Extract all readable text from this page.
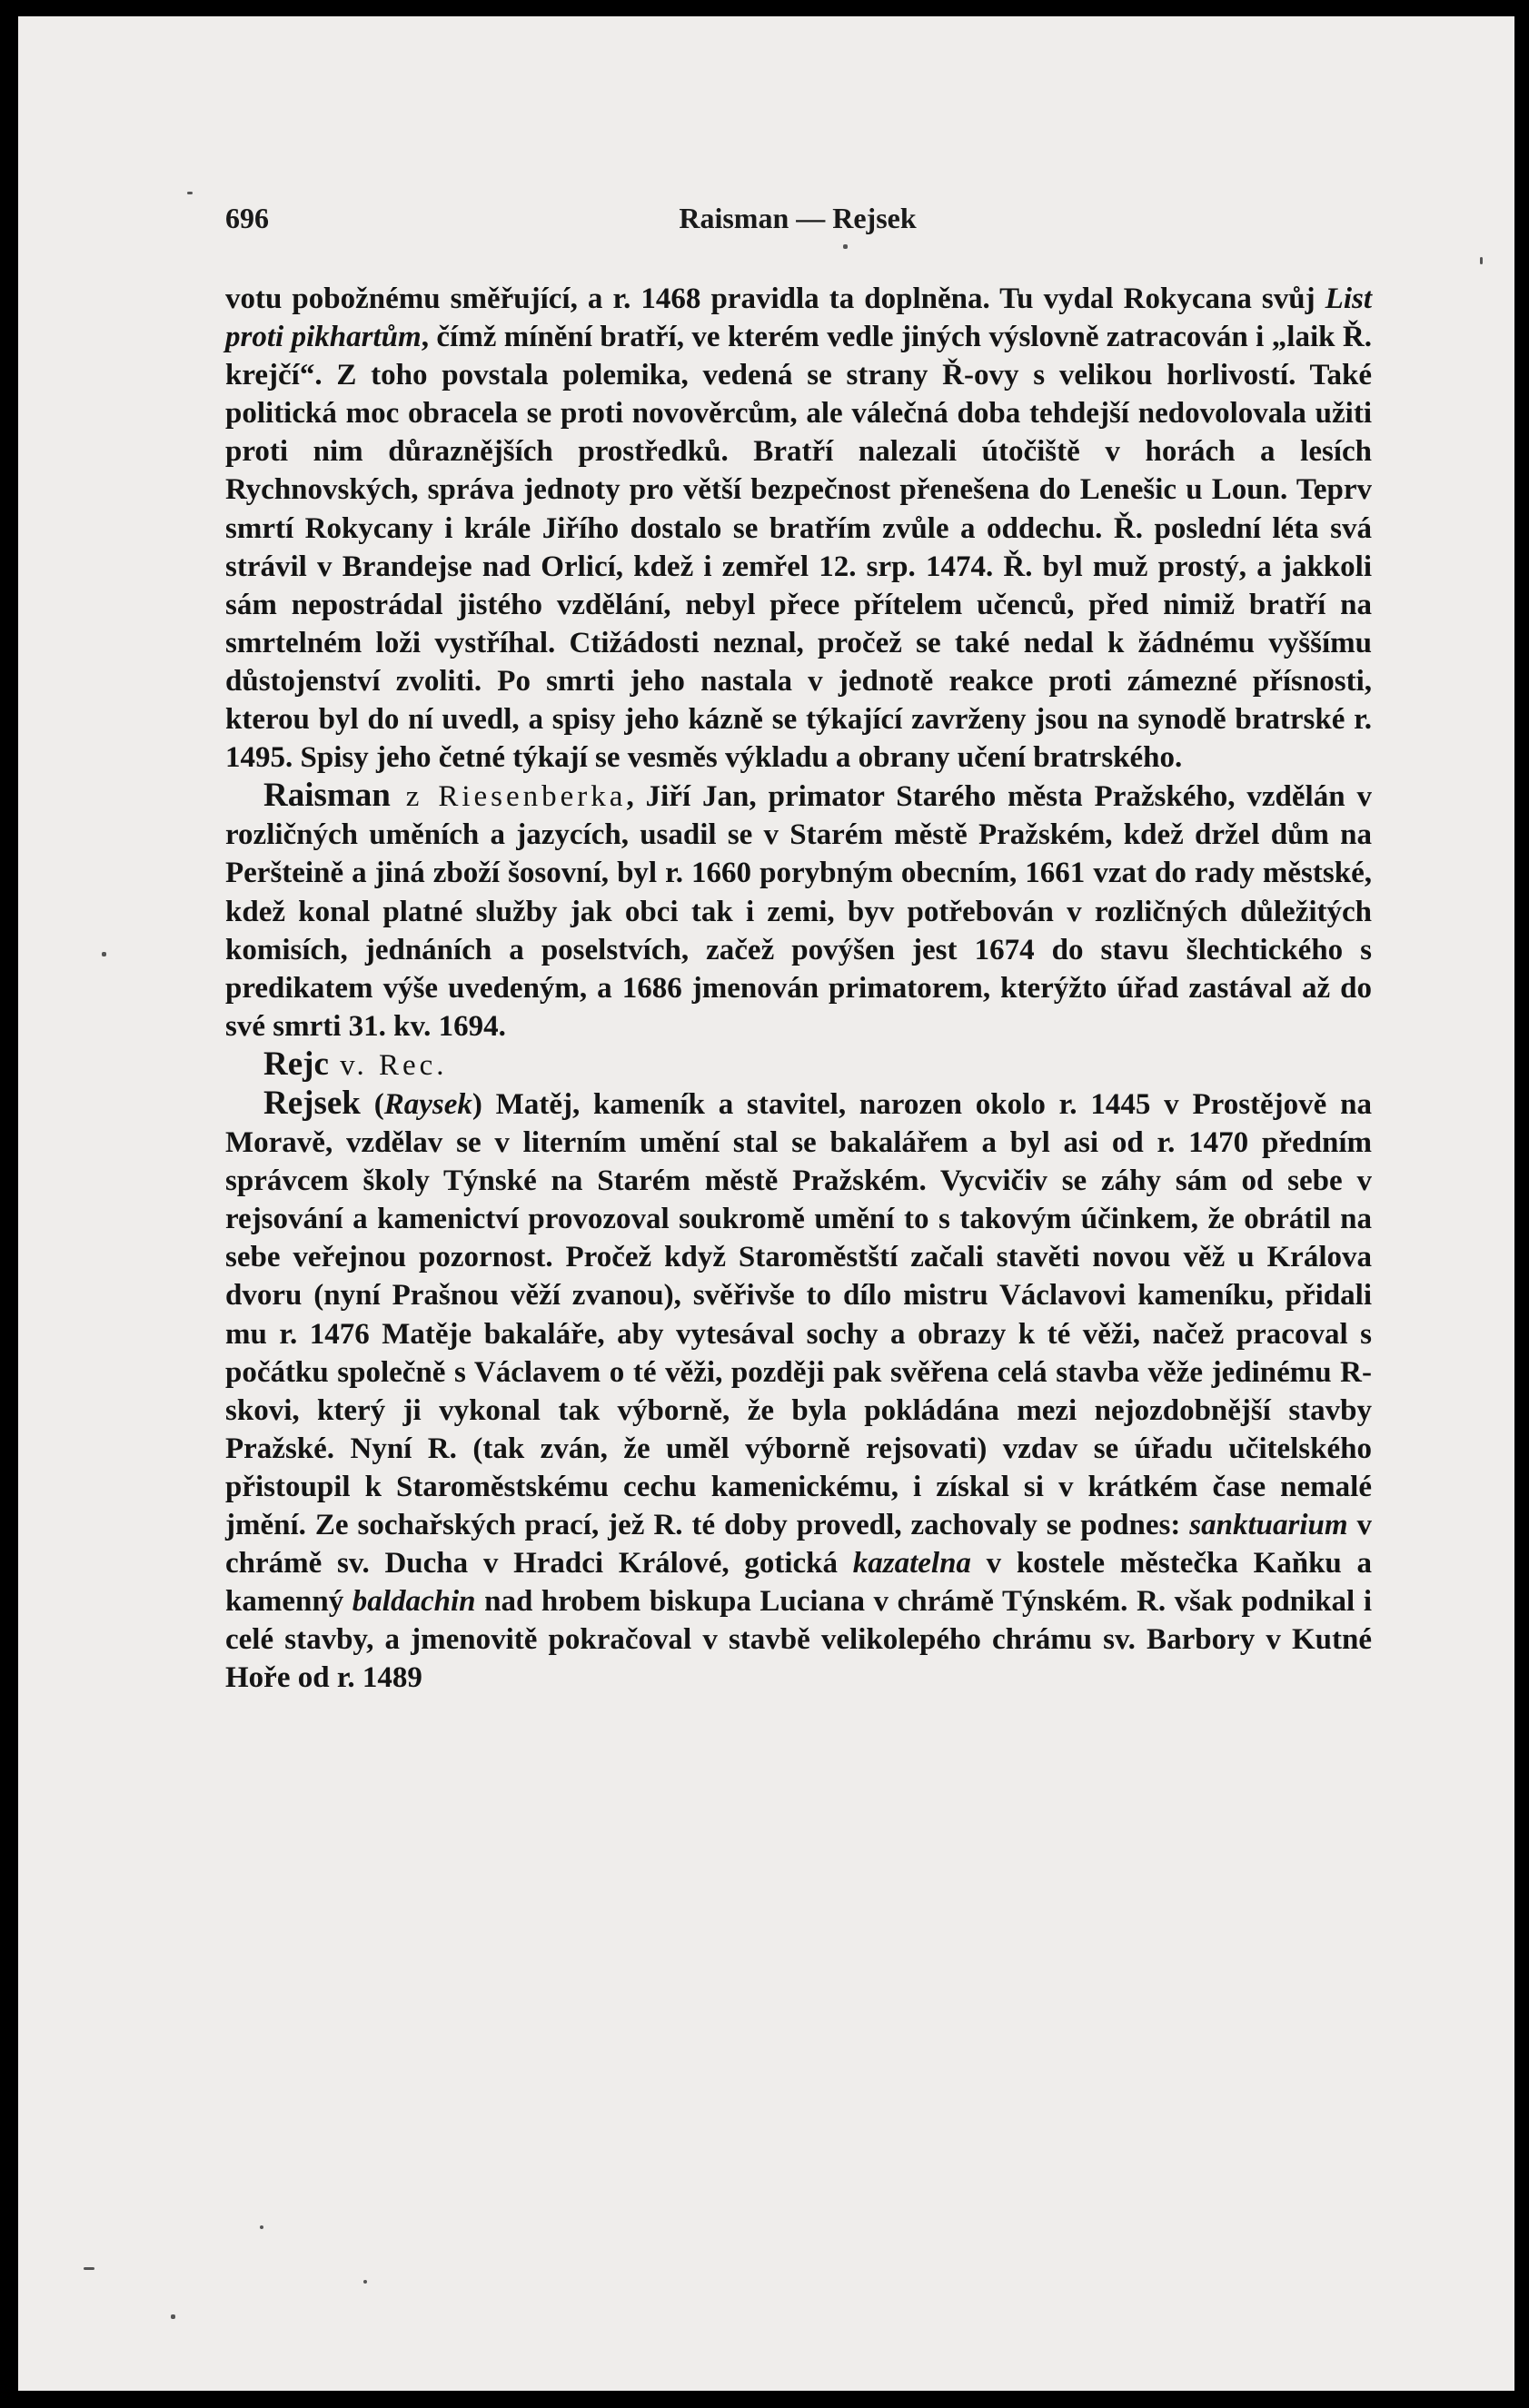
696	Raisman — Rejsek

votu pobožnému směřující, a r. 1468 pravidla ta doplněna. Tu vydal Rokycana svůj List proti pikhartům, čímž mínění bratří, ve kterém vedle jiných výslovně zatracován i „laik Ř. krejčí“. Z toho povstala polemika, vedená se strany Ř-ovy s velikou horlivostí. Také politická moc obracela se proti novověrcům, ale válečná doba tehdejší nedovolovala užiti proti nim důraznějších prostředků. Bratří nalezali útočiště v horách a lesích Rychnovských, správa jednoty pro větší bezpečnost přenešena do Lenešic u Loun. Teprv smrtí Rokycany i krále Jiřího dostalo se bratřím zvůle a oddechu. Ř. poslední léta svá strávil v Brandejse nad Orlicí, kdež i zemřel 12. srp. 1474. Ř. byl muž prostý, a jakkoli sám nepostrádal jistého vzdělání, nebyl přece přítelem učenců, před nimiž bratří na smrtelném loži vystříhal. Ctižádosti neznal, pročež se také nedal k žádnému vyššímu důstojenství zvoliti. Po smrti jeho nastala v jednotě reakce proti zámezné přísnosti, kterou byl do ní uvedl, a spisy jeho kázně se týkající zavrženy jsou na synodě bratrské r. 1495. Spisy jeho četné týkají se vesměs výkladu a obrany učení bratrského.

Raisman z Riesenberka, Jiří Jan, primator Starého města Pražského, vzdělán v rozličných uměních a jazycích, usadil se v Starém městě Pražském, kdež držel dům na Peršteině a jiná zboží šosovní, byl r. 1660 porybným obecním, 1661 vzat do rady městské, kdež konal platné služby jak obci tak i zemi, byv potřebován v rozličných důležitých komisích, jednáních a poselstvích, začež povýšen jest 1674 do stavu šlechtického s predikatem výše uvedeným, a 1686 jmenován primatorem, kterýžto úřad zastával až do své smrti 31. kv. 1694.

Rejc v. Rec.

Rejsek (Raysek) Matěj, kameník a stavitel, narozen okolo r. 1445 v Prostějově na Moravě, vzdělav se v literním umění stal se bakalářem a byl asi od r. 1470 předním správcem školy Týnské na Starém městě Pražském. Vycvičiv se záhy sám od sebe v rejsování a kamenictví provozoval soukromě umění to s takovým účinkem, že obrátil na sebe veřejnou pozornost. Pročež když Staroměstští začali stavěti novou věž u Králova dvoru (nyní Prašnou věží zvanou), svěřivše to dílo mistru Václavovi kameníku, přidali mu r. 1476 Matěje bakaláře, aby vytesával sochy a obrazy k té věži, načež pracoval s počátku společně s Václavem o té věži, později pak svěřena celá stavba věže jedinému R-skovi, který ji vykonal tak výborně, že byla pokládána mezi nejozdobnější stavby Pražské. Nyní R. (tak zván, že uměl výborně rejsovati) vzdav se úřadu učitelského přistoupil k Staroměstskému cechu kamenickému, i získal si v krátkém čase nemalé jmění. Ze sochařských prací, jež R. té doby provedl, zachovaly se podnes: sanktuarium v chrámě sv. Ducha v Hradci Králové, gotická kazatelna v kostele městečka Kaňku a kamenný baldachin nad hrobem biskupa Luciana v chrámě Týnském. R. však podnikal i celé stavby, a jmenovitě pokračoval v stavbě velikolepého chrámu sv. Barbory v Kutné Hoře od r. 1489
